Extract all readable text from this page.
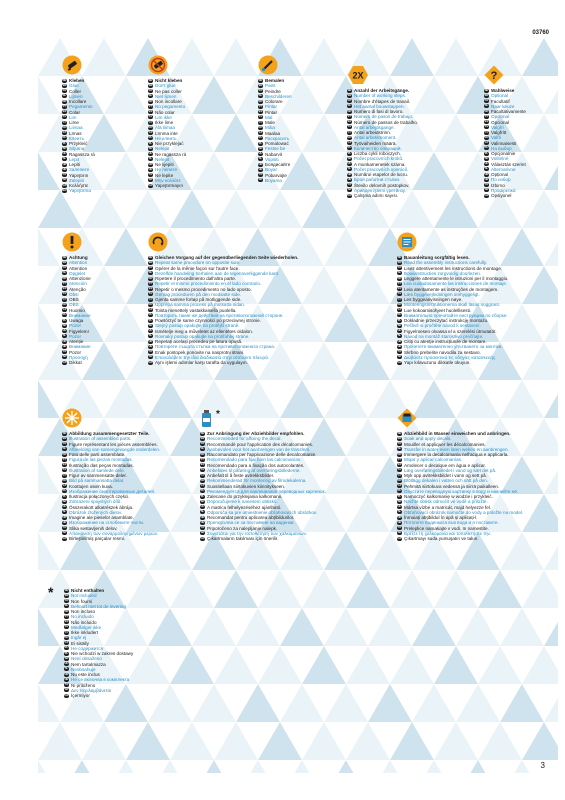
03760
DE Kleben
EN Glue
FR Coller
NL Lijmen
DK Incollare
PT Pegamento
ES Colar
SV Lim
FI Lime
NO Liimaa
CZ Līmas
RU Клеить
PL Przykleić
SK Sitjuma
HU Ragassza rá
SL Lepit
HR Lepiti
HE Залепите
TR Yapıştırın
SR Zalepiti
GR Κολλήστε
BG Yapıştırma
DE Nicht kleben
EN Don't glue
FR Ne pas coller
NL Niet lijmen
DK Non incollare
PT No pegamento
ES Não colar
SV Lim ikke
FI Ikke lime
NO Älä liimaa
CZ Līmma inte
RU Не клеить
PL Nie przyklejać
SK Nelepit
HU Ne ragassza rá
SL Nelepit
HR Ne lijepiti
HE Не лепите
TR Ne lepite
SR Mην κολλάτε
GR Yapıştırmayın
DE Bemalen
EN Paint
FR Peindre
NL Beschilderen
DK Colorare
PT Pintar
ES Pintar
SV Mal
FI Male
NO Måla
CZ Maalaa
RU Раскрасить
PL Pomalować
SK Festse be
HU Nabarvit
SL Vopsiti
HR Боядисайте
HE Boyar
TR Pobarvajte
SR Boyama
2X
DE Anzahl der Arbeitsgänge.
EN Number of working steps.
FR Nombre d'étapes de travail.
NL Het aantal bouwstappen.
DK Numero di fasi di lavoro.
PT Número de pasos de trabajo.
ES Número de passos de trabalho.
SV Antal arbejdsgange.
FI Antal arbeidstrinn.
NO Antal arbetsmoment.
CZ Työvaiheiden määrä.
RU Количество операций.
PL Liczba cykli roboczych.
SK Počet pracovních kroků.
HU A munkamenetek száma.
SL Počet pracovních operácií.
HR Numărul etapelor de lucru.
HE Брой работни стъпки.
TR Število delovnih postopkov.
SR Арийдек işlemi үретйнзу.
GR Çalışma adımı sayısı.
?
DE Wahlweise
EN Optional
FR Facultatif
NL Naar keuze
DK Facoltativamente
PT Opcional
ES Opcional
SV Valgfri
FI Valgfritt
NO Valfri
CZ Valinnaisesti
RU На выбор
PL Opcjonalnie
SK Volitelné
HU Választás szerint
SL Alternatívne
HR Opțional
HE По избор
TR Izbirno
SR Προαιρετικά
GR Opsiyonel
DE Achtung
EN Attention
FR Attention
NL Opgelet
DK Attenzione
PT Atención
ES Atenção
SV Obs!
FI OBS
NO OBS
CZ Huomio
RU Внимание
PL Uwaga
SK Pozor
HU Figyelem!
SL Pozor
HR Atenție
HE Внимание
TR Pozor
SR Προσοχή
GR Dikkat
DE Gleichen Vorgang auf der gegenüberliegenden Seite wiederholen.
EN Repeat same procedure on opposite side.
FR Opérer de la même façon sur l'autre face.
NL Dezelfde handeling herhalen aan de tegenoverliggende kant.
DK Ripetere il procedimento dall'altra parte.
PT Repetir el mismo procedimiento en el lado contrario.
ES Repetir o mesmo procedimento no lado oposto.
SV Gentag proceduren på den modsatte side.
FI Gjenta samme forløp på motliggende side.
NO Upprepa samma process på motsatta sidan.
CZ Toista menettely vastakkaisella puolella.
RU Повторить такие же действия на противоположной стороне.
PL Powtórzyć te same czynności po przeciwnej stronie.
SK Stejný postup opakujte na protější straně.
HU Ismételje meg a műveletet az ellentétes oldalon.
SL Rovnaký postup opakujte na protiľahlej strane.
HR Repetați același procedeu pe latura opusă.
HE Повторете същата стъпка на противоположната страна.
TR Enak postopek ponovite na nasprotni strani.
SR Επαναλάβετε την ίδια διαδικασία στην απέναντι πλευρά.
GR Aynı işlemi adımlar karşı tarafta da uygulayın.
DE Bauanleitung sorgfältig lesen.
EN Read the assembly instructions carefully.
FR Lisez attentivement les instructions de montage.
NL Bouwinstructies zorgvuldig doorlezen.
DK Leggere attentamente le istruzioni per il montaggio.
PT Lea cuidadosamente las instrucciones de montaje.
ES Leia atentamente as instruções de montagem.
SV Læs byggevejledningen omhyggeligt.
FI Les byggeanvisningen nøye.
NO Monteringsinstruktionerna skall läsas noggrant.
CZ Lue kokoamisohjeet huolellisesti.
RU Внимательно прочитайте инструкцию по сборке.
PL Dokładnie przeczytać instrukcję montażu.
SK Pečlivě si pročtěte návod k sestavení.
HU Figyelmesen olvassa el a szerelési útmutatót.
SL Návod na montáž starostlivo prečítajte.
HR Citiți cu atenție instrucțiunile de montare.
HE Прочетете внимателно упътването за монтаж.
TR Skrbno preberite navodila za sestavo.
SR Διαβάστε προσεκτικά τις οδηγίες κατασκευής.
GR Yapı kılavuzunu dikkatle okuyun.
DE Abbildung zusammengesetzter Teile.
EN Illustration of assembled parts.
FR Figure représentant les pièces assemblées.
NL Afbeelding van samengevoegde onderdelen.
DK Foto delle parti assemblate.
PT Figura de las piezas montadas.
ES Ilustração das peças montadas.
SV Illustration af samlede dele.
FI Figur av sammensatte deler.
NO Bild på sammansatta delar.
CZ Koottujen osien kuva.
RU Изображение смонтированных деталей.
PL Ilustracja połączonych części.
SK Zobrazení spojených dílů.
HU Összerakott alkatrészek ábrája.
SL Obrázok zložených dielov.
HR Imagine ale pieselor asamblate.
HE Изображение на сглобените части.
TR Slika sestavljenih delov.
SR Απεικόνιση των συναρμολογημένων μερών.
GR Birleştirilmiş parçalar resmi.
*
DE Zur Anbringung der Abziehbilder empfohlen.
EN Recommended for affixing the decal.
FR Recommandé pour l'application des décalcomanies.
NL Aanbevolen voor het aanbrengen van de transfers.
DK Raccomandato per l'applicazione delle decalcomanie.
PT Recomendado para fijar bien las calcomanías.
ES Recomendado para a fixação dos autocolantes.
SV Anbefales til påføring af overføringsbillederne.
FI Anbefalt til å feste avtrekksbilder.
NO Rekommenderad för montering av filmdekalerna.
CZ Suositellaan siirtokuvien kiinnitykseen.
RU Рекомендуется для наклеивания переводных картинок.
PL Zalecane do przyklejania kalkomanii.
SK Doporučujeme k nanesení obtisků.
HU A matrica felhelyezéséhez ajánlható.
SL Odporúča sa pre umiestnenie obťahovacích obrázkov.
HR Recomandat pentru aplicarea abțibildurilor.
HE Препоръчва се за поставяне на ваденки.
TR Priporočeno za nalepljanje nalepk.
SR Συνιστάται για την τοποθέτηση των χαλκομανιών.
GR Çıkartmaların takılması için önerilir.
DE Abziehbild in Wasser einweichen und anbringen.
EN Soak and apply decals.
FR Mouiller et appliquer les décalcomanies.
NL Transfer in water even laten weken en aanbrengen.
DK Immergere la decalcomania nell'acqua e applicarla.
PT Mojar y aplicar calcomanías.
ES Amolecer o decalque em água e aplicar.
SV Læg overføringsbilledet i vand og sæt det på.
FI Myk opp avtrekksbildet i vann og sett på.
NO Blötlägg dekalen i vatten och sätt på den.
CZ Pehmitä siirtokuva vedessä ja siirrä paikalleen.
RU Опустите переводную картинку в воду и наклейте её.
PL Namoczyć kalkomanię w wodzie i przykleić.
SK Nechte obtisk odmočit ve vodě a přiložte.
HU Mártsa vízbe a matricát, majd helyezze fel.
SL Obťahovací obrázok namočte do vody a priložte na model.
HR Înmuiați abțibildul în apă și aplicați-l.
HE Потопете ваденката във вода и я поставете.
TR Preleplice namakajte v vodi. In namestite.
SR Βρέξτε τη χαλκομανία και τοποθετήστε την.
GR Çıkartmayı suda yumuşatın ve takın.
*	DE Nicht enthalten
EN Not included
FR Non fourni
NL Behoort niet tot de levering
DK Non incluso
PT No incluido
ES Não incluído
SV Medfølger ikke
FI Ikke inkludert
NO Ingår ej
CZ Ei sisälly
RU Не содержится
PL Nie wchodzi w zakres dostawy
SK Není obsaženo
HU Nem tartalmazza
SL Neobsahuje
HR Nu este inclus
HE Не се включва в комплекта
TR Ni priloženo
SR Δεν περιλαμβάνεται
GR İçermiyor
3
